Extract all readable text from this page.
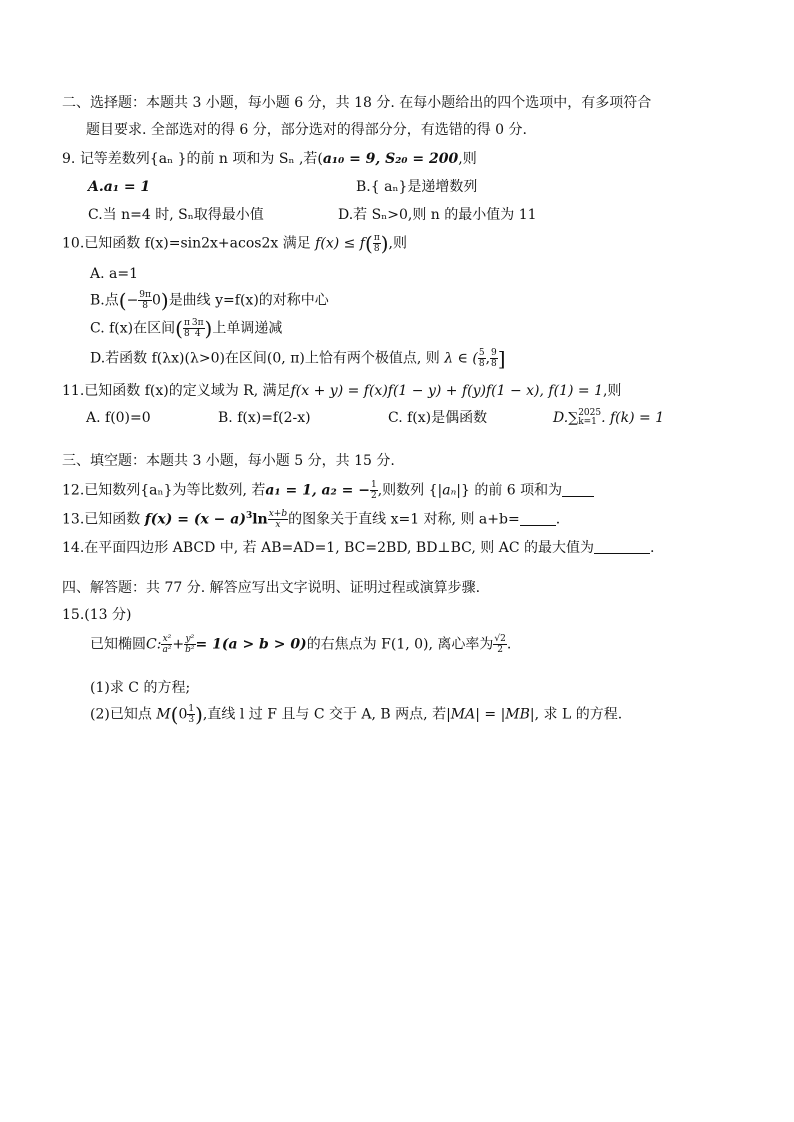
二、选择题：本题共 3 小题，每小题 6 分，共 18 分. 在每小题给出的四个选项中，有多项符合
题目要求. 全部选对的得 6 分，部分选对的得部分分，有选错的得 0 分.
9. 记等差数列{aₙ }的前 n 项和为 Sₙ ,若(a₁₀ = 9, S₂₀ = 200,则
A.a₁ = 1	B.{ aₙ}是递增数列
C.当 n=4 时, Sₙ取得最小值	D.若 Sₙ>0,则 n 的最小值为 11
10.已知函数 f(x)=sin2x+acos2x 满足 $f(x) \le f( \frac{\pi}{8}$ ),则
A. a=1
B.点(− $\frac{9\pi}{8} 0$)是曲线 y=f(x)的对称中心
C. f(x)在区间( $\frac{\pi}{8} \frac{3\pi}{4}$ )上单调递减
D.若函数 f(λx)(λ>0)在区间(0, π)上恰有两个极值点, 则 λ ∈ ( $\frac{5}{8}$ , $\frac{9}{8}$ ]
11.已知函数 f(x)的定义域为 R, 满足f(x + y) = f(x)f(1 − y) + f(y)f(1 − x), f(1) = 1,则
A. f(0)=0	B. f(x)=f(2-x)	C. f(x)是偶函数	D.∑ 2025
k=1 . f(k) = 1
三、填空题：本题共 3 小题，每小题 5 分，共 15 分.
12.已知数列{aₙ}为等比数列, 若a₁ = 1, a₂ = − $\frac{1}{2}$ ,则数列 {|aₙ|} 的前 6 项和为
13.已知函数 $f(x) = (x - a)^3\ln \frac{x+b}{x}$ 的图象关于直线 x=1 对称, 则 a+b=	.
14.在平面四边形 ABCD 中, 若 AB=AD=1, BC=2BD, BD⊥BC, 则 AC 的最大值为	.
四、解答题：共 77 分. 解答应写出文字说明、证明过程或演算步骤.
15.(13 分)
已知椭圆C: $\frac{\text{x²}}{\text{a²}} + \frac{\text{y²}}{\text{b²}} = 1(a > b > 0)$的右焦点为 F(1, 0), 离心率为 $\frac{√2}{2}$ .
(1)求 C 的方程;
(2)已知点 $M(0 \frac{1}{3}$ ),直线 l 过 F 且与 C 交于 A, B 两点, 若|MA| = |MB|, 求 L 的方程.
